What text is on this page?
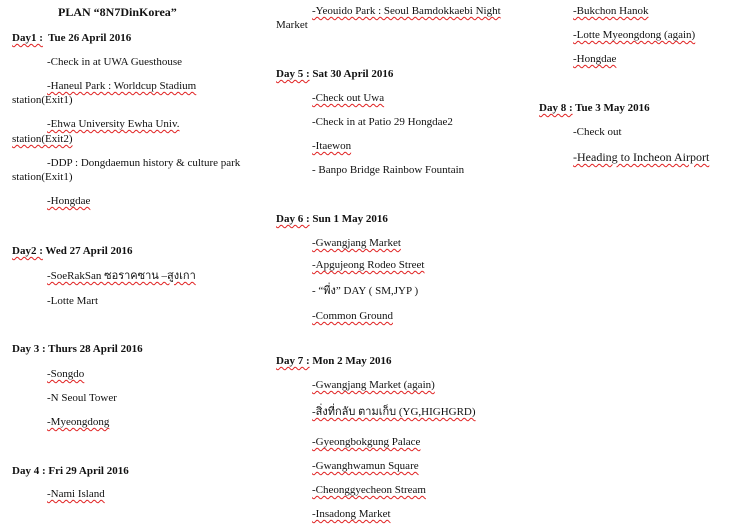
PLAN “8N7DinKorea”
Day1 : Tue 26 April 2016
-Check in at UWA Guesthouse
-Haneul Park : Worldcup Stadium
station(Exit1)
-Ehwa University Ewha Univ.
station(Exit2)
-DDP : Dongdaemun history & culture park
station(Exit1)
-Hongdae
Day2 : Wed 27 April 2016
-SoeRakSan ซอราคซาน –สูงเกา
-Lotte Mart
Day 3 : Thurs 28 April 2016
-Songdo
-N Seoul Tower
-Myeongdong
Day 4 : Fri 29 April 2016
-Nami Island
-Yeouido Park : Seoul Bamdokkaebi Night
Market
Day 5 : Sat 30 April 2016
-Check out Uwa
-Check in at Patio 29 Hongdae2
-Itaewon
- Banpo Bridge Rainbow Fountain
Day 6 : Sun 1 May 2016
-Gwangjang Market
-Apgujeong Rodeo Street
- “พี่ง” DAY ( SM,JYP )
-Common Ground
Day 7 : Mon 2 May 2016
-Gwangjang Market (again)
-สิ่งที่กลับ ตามเก็บ (YG,HIGHGRD)
-Gyeongbokgung Palace
-Gwanghwamun Square
-Cheonggyecheon Stream
-Insadong Market
-Bukchon Hanok
-Lotte Myeongdong (again)
-Hongdae
Day 8 : Tue 3 May 2016
-Check out
-Heading to Incheon Airport
